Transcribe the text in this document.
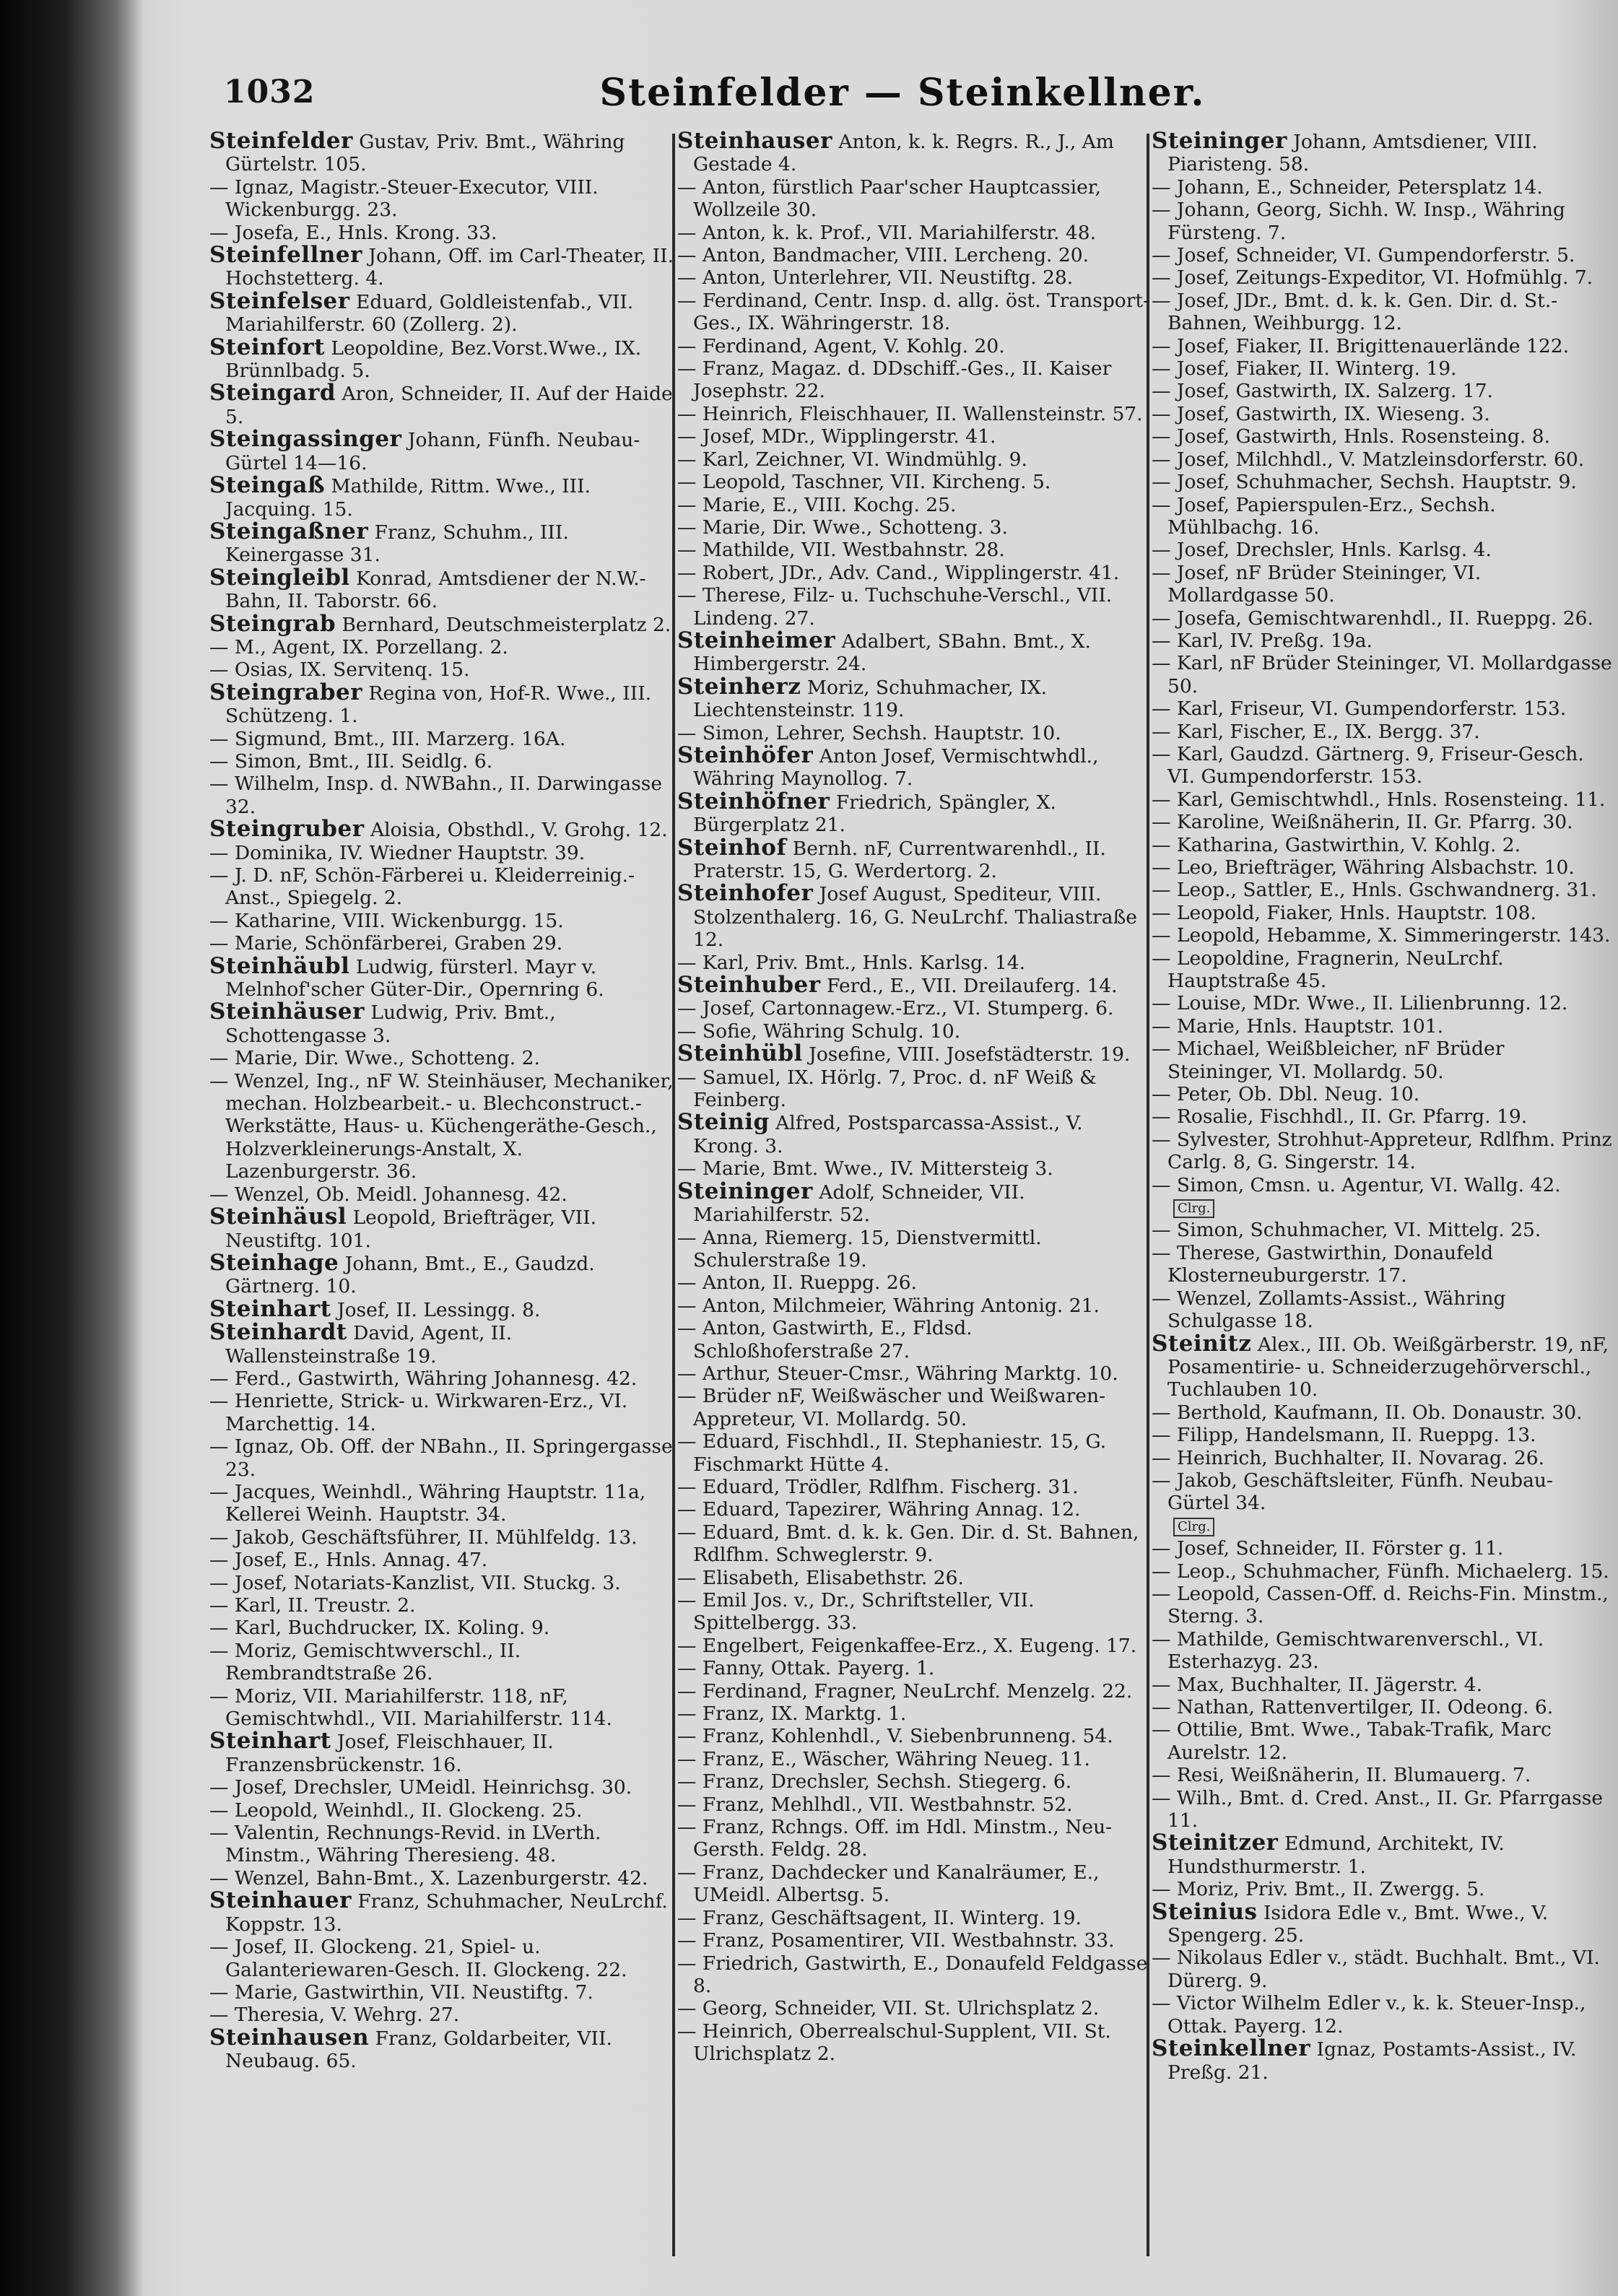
1032	Steinfelder — Steinkellner.

Steinfelder Gustav, Priv. Bmt., Währing Gürtelstr. 105.

— Ignaz, Magistr.-Steuer-Executor, VIII. Wickenburgg. 23.

— Josefa, E., Hnls. Krong. 33.

Steinfellner Johann, Off. im Carl-Theater, II. Hochstetterg. 4.

Steinfelser Eduard, Goldleistenfab., VII. Mariahilferstr. 60 (Zollerg. 2).

Steinfort Leopoldine, Bez.Vorst.Wwe., IX. Brünnlbadg. 5.

Steingard Aron, Schneider, II. Auf der Haide 5.

Steingassinger Johann, Fünfh. Neubau-Gürtel 14—16.

Steingaß Mathilde, Rittm. Wwe., III. Jacquing. 15.

Steingaßner Franz, Schuhm., III. Keinergasse 31.

Steingleibl Konrad, Amtsdiener der N.W.-Bahn, II. Taborstr. 66.

Steingrab Bernhard, Deutschmeisterplatz 2.

— M., Agent, IX. Porzellang. 2.

— Osias, IX. Servitenq. 15.

Steingraber Regina von, Hof-R. Wwe., III. Schützeng. 1.

— Sigmund, Bmt., III. Marzerg. 16A.

— Simon, Bmt., III. Seidlg. 6.

— Wilhelm, Insp. d. NWBahn., II. Darwingasse 32.

Steingruber Aloisia, Obsthdl., V. Grohg. 12.

— Dominika, IV. Wiedner Hauptstr. 39.

— J. D. nF, Schön-Färberei u. Kleiderreinig.-Anst., Spiegelg. 2.

— Katharine, VIII. Wickenburgg. 15.

— Marie, Schönfärberei, Graben 29.

Steinhäubl Ludwig, fürsterl. Mayr v. Melnhof'scher Güter-Dir., Opernring 6.

Steinhäuser Ludwig, Priv. Bmt., Schottengasse 3.

— Marie, Dir. Wwe., Schotteng. 2.

— Wenzel, Ing., nF W. Steinhäuser, Mechaniker, mechan. Holzbearbeit.- u. Blechconstruct.-Werkstätte, Haus- u. Küchengeräthe-Gesch., Holzverkleinerungs-Anstalt, X. Lazenburgerstr. 36.

— Wenzel, Ob. Meidl. Johannesg. 42.

Steinhäusl Leopold, Briefträger, VII. Neustiftg. 101.

Steinhage Johann, Bmt., E., Gaudzd. Gärtnerg. 10.

Steinhart Josef, II. Lessingg. 8.

Steinhardt David, Agent, II. Wallensteinstraße 19.

— Ferd., Gastwirth, Währing Johannesg. 42.

— Henriette, Strick- u. Wirkwaren-Erz., VI. Marchettig. 14.

— Ignaz, Ob. Off. der NBahn., II. Springergasse 23.

— Jacques, Weinhdl., Währing Hauptstr. 11a, Kellerei Weinh. Hauptstr. 34.

— Jakob, Geschäftsführer, II. Mühlfeldg. 13.

— Josef, E., Hnls. Annag. 47.

— Josef, Notariats-Kanzlist, VII. Stuckg. 3.

— Karl, II. Treustr. 2.

— Karl, Buchdrucker, IX. Koling. 9.

— Moriz, Gemischtwverschl., II. Rembrandtstraße 26.

— Moriz, VII. Mariahilferstr. 118, nF, Gemischtwhdl., VII. Mariahilferstr. 114.

Steinhart Josef, Fleischhauer, II. Franzensbrückenstr. 16.

— Josef, Drechsler, UMeidl. Heinrichsg. 30.

— Leopold, Weinhdl., II. Glockeng. 25.

— Valentin, Rechnungs-Revid. in LVerth. Minstm., Währing Theresieng. 48.

— Wenzel, Bahn-Bmt., X. Lazenburgerstr. 42.

Steinhauer Franz, Schuhmacher, NeuLrchf. Koppstr. 13.

— Josef, II. Glockeng. 21, Spiel- u. Galanteriewaren-Gesch. II. Glockeng. 22.

— Marie, Gastwirthin, VII. Neustiftg. 7.

— Theresia, V. Wehrg. 27.

Steinhausen Franz, Goldarbeiter, VII. Neubaug. 65.

Steinhauser Anton, k. k. Regrs. R., J., Am Gestade 4.

— Anton, fürstlich Paar'scher Hauptcassier, Wollzeile 30.

— Anton, k. k. Prof., VII. Mariahilferstr. 48.

— Anton, Bandmacher, VIII. Lercheng. 20.

— Anton, Unterlehrer, VII. Neustiftg. 28.

— Ferdinand, Centr. Insp. d. allg. öst. Transport-Ges., IX. Währingerstr. 18.

— Ferdinand, Agent, V. Kohlg. 20.

— Franz, Magaz. d. DDschiff.-Ges., II. Kaiser Josephstr. 22.

— Heinrich, Fleischhauer, II. Wallensteinstr. 57.

— Josef, MDr., Wipplingerstr. 41.

— Karl, Zeichner, VI. Windmühlg. 9.

— Leopold, Taschner, VII. Kircheng. 5.

— Marie, E., VIII. Kochg. 25.

— Marie, Dir. Wwe., Schotteng. 3.

— Mathilde, VII. Westbahnstr. 28.

— Robert, JDr., Adv. Cand., Wipplingerstr. 41.

— Therese, Filz- u. Tuchschuhe-Verschl., VII. Lindeng. 27.

Steinheimer Adalbert, SBahn. Bmt., X. Himbergerstr. 24.

Steinherz Moriz, Schuhmacher, IX. Liechtensteinstr. 119.

— Simon, Lehrer, Sechsh. Hauptstr. 10.

Steinhöfer Anton Josef, Vermischtwhdl., Währing Maynollog. 7.

Steinhöfner Friedrich, Spängler, X. Bürgerplatz 21.

Steinhof Bernh. nF, Currentwarenhdl., II. Praterstr. 15, G. Werdertorg. 2.

Steinhofer Josef August, Spediteur, VIII. Stolzenthalerg. 16, G. NeuLrchf. Thaliastraße 12.

— Karl, Priv. Bmt., Hnls. Karlsg. 14.

Steinhuber Ferd., E., VII. Dreilauferg. 14.

— Josef, Cartonnagew.-Erz., VI. Stumperg. 6.

— Sofie, Währing Schulg. 10.

Steinhübl Josefine, VIII. Josefstädterstr. 19.

— Samuel, IX. Hörlg. 7, Proc. d. nF Weiß & Feinberg.

Steinig Alfred, Postsparcassa-Assist., V. Krong. 3.

— Marie, Bmt. Wwe., IV. Mittersteig 3.

Steininger Adolf, Schneider, VII. Mariahilferstr. 52.

— Anna, Riemerg. 15, Dienstvermittl. Schulerstraße 19.

— Anton, II. Rueppg. 26.

— Anton, Milchmeier, Währing Antonig. 21.

— Anton, Gastwirth, E., Fldsd. Schloßhoferstraße 27.

— Arthur, Steuer-Cmsr., Währing Marktg. 10.

— Brüder nF, Weißwäscher und Weißwaren-Appreteur, VI. Mollardg. 50.

— Eduard, Fischhdl., II. Stephaniestr. 15, G. Fischmarkt Hütte 4.

— Eduard, Trödler, Rdlfhm. Fischerg. 31.

— Eduard, Tapezirer, Währing Annag. 12.

— Eduard, Bmt. d. k. k. Gen. Dir. d. St. Bahnen, Rdlfhm. Schweglerstr. 9.

— Elisabeth, Elisabethstr. 26.

— Emil Jos. v., Dr., Schriftsteller, VII. Spittelbergg. 33.

— Engelbert, Feigenkaffee-Erz., X. Eugeng. 17.

— Fanny, Ottak. Payerg. 1.

— Ferdinand, Fragner, NeuLrchf. Menzelg. 22.

— Franz, IX. Marktg. 1.

— Franz, Kohlenhdl., V. Siebenbrunneng. 54.

— Franz, E., Wäscher, Währing Neueg. 11.

— Franz, Drechsler, Sechsh. Stiegerg. 6.

— Franz, Mehlhdl., VII. Westbahnstr. 52.

— Franz, Rchngs. Off. im Hdl. Minstm., Neu-Gersth. Feldg. 28.

— Franz, Dachdecker und Kanalräumer, E., UMeidl. Albertsg. 5.

— Franz, Geschäftsagent, II. Winterg. 19.

— Franz, Posamentirer, VII. Westbahnstr. 33.

— Friedrich, Gastwirth, E., Donaufeld Feldgasse 8.

— Georg, Schneider, VII. St. Ulrichsplatz 2.

— Heinrich, Oberrealschul-Supplent, VII. St. Ulrichsplatz 2.

Steininger Johann, Amtsdiener, VIII. Piaristeng. 58.

— Johann, E., Schneider, Petersplatz 14.

— Johann, Georg, Sichh. W. Insp., Währing Fürsteng. 7.

— Josef, Schneider, VI. Gumpendorferstr. 5.

— Josef, Zeitungs-Expeditor, VI. Hofmühlg. 7.

— Josef, JDr., Bmt. d. k. k. Gen. Dir. d. St.-Bahnen, Weihburgg. 12.

— Josef, Fiaker, II. Brigittenauerlände 122.

— Josef, Fiaker, II. Winterg. 19.

— Josef, Gastwirth, IX. Salzerg. 17.

— Josef, Gastwirth, IX. Wieseng. 3.

— Josef, Gastwirth, Hnls. Rosensteing. 8.

— Josef, Milchhdl., V. Matzleinsdorferstr. 60.

— Josef, Schuhmacher, Sechsh. Hauptstr. 9.

— Josef, Papierspulen-Erz., Sechsh. Mühlbachg. 16.

— Josef, Drechsler, Hnls. Karlsg. 4.

— Josef, nF Brüder Steininger, VI. Mollardgasse 50.

— Josefa, Gemischtwarenhdl., II. Rueppg. 26.

— Karl, IV. Preßg. 19a.

— Karl, nF Brüder Steininger, VI. Mollardgasse 50.

— Karl, Friseur, VI. Gumpendorferstr. 153.

— Karl, Fischer, E., IX. Bergg. 37.

— Karl, Gaudzd. Gärtnerg. 9, Friseur-Gesch. VI. Gumpendorferstr. 153.

— Karl, Gemischtwhdl., Hnls. Rosensteing. 11.

— Karoline, Weißnäherin, II. Gr. Pfarrg. 30.

— Katharina, Gastwirthin, V. Kohlg. 2.

— Leo, Briefträger, Währing Alsbachstr. 10.

— Leop., Sattler, E., Hnls. Gschwandnerg. 31.

— Leopold, Fiaker, Hnls. Hauptstr. 108.

— Leopold, Hebamme, X. Simmeringerstr. 143.

— Leopoldine, Fragnerin, NeuLrchf. Hauptstraße 45.

— Louise, MDr. Wwe., II. Lilienbrunng. 12.

— Marie, Hnls. Hauptstr. 101.

— Michael, Weißbleicher, nF Brüder Steininger, VI. Mollardg. 50.

— Peter, Ob. Dbl. Neug. 10.

— Rosalie, Fischhdl., II. Gr. Pfarrg. 19.

— Sylvester, Strohhut-Appreteur, Rdlfhm. Prinz Carlg. 8, G. Singerstr. 14.

— Simon, Cmsn. u. Agentur, VI. Wallg. 42.

Clrg.

— Simon, Schuhmacher, VI. Mittelg. 25.

— Therese, Gastwirthin, Donaufeld Klosterneuburgerstr. 17.

— Wenzel, Zollamts-Assist., Währing Schulgasse 18.

Steinitz Alex., III. Ob. Weißgärberstr. 19, nF, Posamentirie- u. Schneiderzugehörverschl., Tuchlauben 10.

— Berthold, Kaufmann, II. Ob. Donaustr. 30.

— Filipp, Handelsmann, II. Rueppg. 13.

— Heinrich, Buchhalter, II. Novarag. 26.

— Jakob, Geschäftsleiter, Fünfh. Neubau-Gürtel 34.

Clrg.

— Josef, Schneider, II. Förster g. 11.

— Leop., Schuhmacher, Fünfh. Michaelerg. 15.

— Leopold, Cassen-Off. d. Reichs-Fin. Minstm., Sterng. 3.

— Mathilde, Gemischtwarenverschl., VI. Esterhazyg. 23.

— Max, Buchhalter, II. Jägerstr. 4.

— Nathan, Rattenvertilger, II. Odeong. 6.

— Ottilie, Bmt. Wwe., Tabak-Trafik, Marc Aurelstr. 12.

— Resi, Weißnäherin, II. Blumauerg. 7.

— Wilh., Bmt. d. Cred. Anst., II. Gr. Pfarrgasse 11.

Steinitzer Edmund, Architekt, IV. Hundsthurmerstr. 1.

— Moriz, Priv. Bmt., II. Zwergg. 5.

Steinius Isidora Edle v., Bmt. Wwe., V. Spengerg. 25.

— Nikolaus Edler v., städt. Buchhalt. Bmt., VI. Dürerg. 9.

— Victor Wilhelm Edler v., k. k. Steuer-Insp., Ottak. Payerg. 12.

Steinkellner Ignaz, Postamts-Assist., IV. Preßg. 21.
